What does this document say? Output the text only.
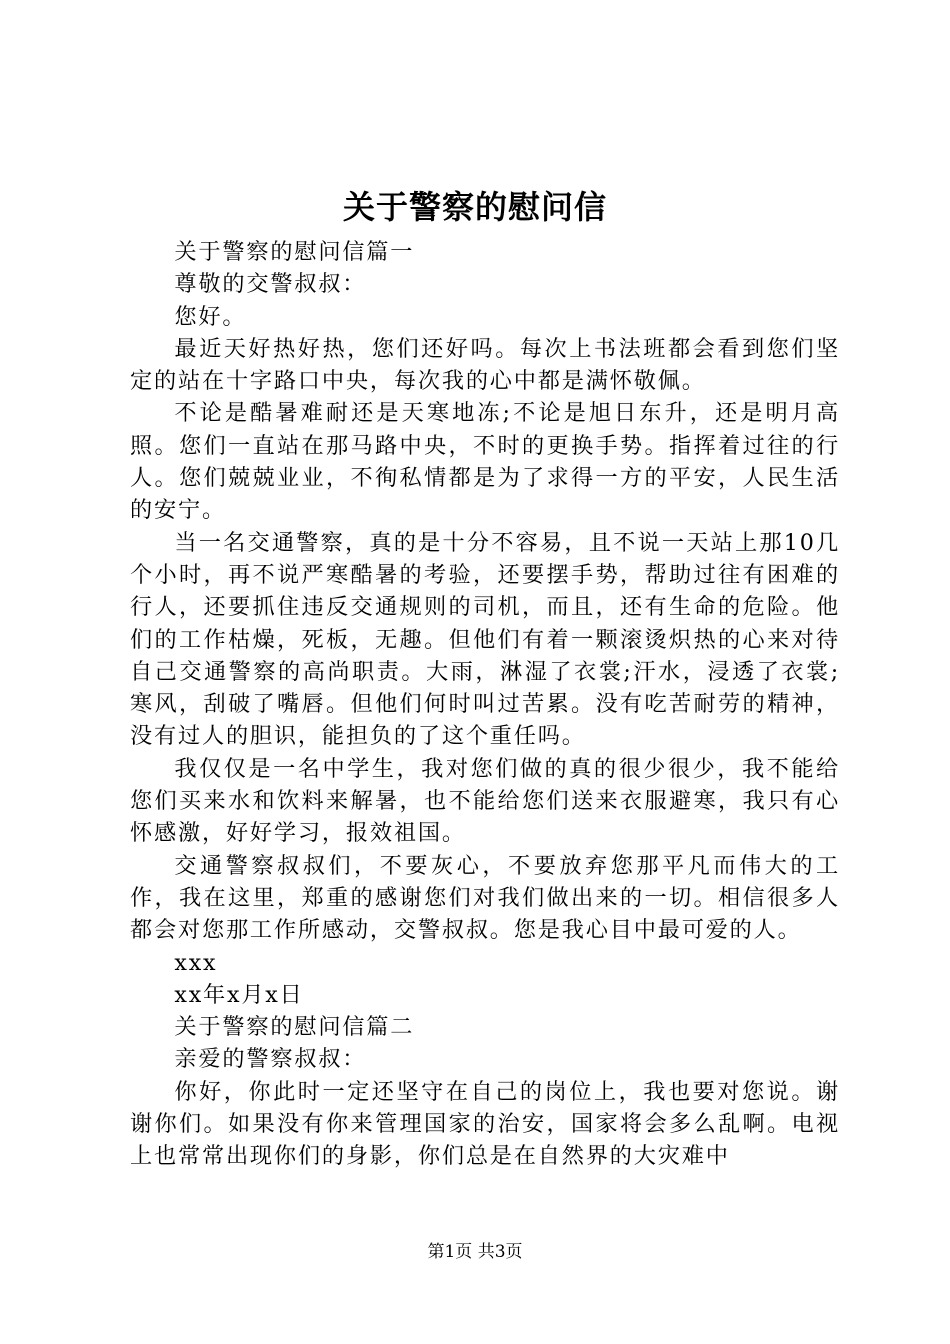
关于警察的慰问信

关于警察的慰问信篇一

尊敬的交警叔叔：

您好。

最近天好热好热，您们还好吗。每次上书法班都会看到您们坚定的站在十字路口中央，每次我的心中都是满怀敬佩。

不论是酷暑难耐还是天寒地冻;不论是旭日东升，还是明月高照。您们一直站在那马路中央，不时的更换手势。指挥着过往的行人。您们兢兢业业，不徇私情都是为了求得一方的平安，人民生活的安宁。

当一名交通警察，真的是十分不容易，且不说一天站上那10几个小时，再不说严寒酷暑的考验，还要摆手势，帮助过往有困难的行人，还要抓住违反交通规则的司机，而且，还有生命的危险。他们的工作枯燥，死板，无趣。但他们有着一颗滚烫炽热的心来对待自己交通警察的高尚职责。大雨，淋湿了衣裳;汗水，浸透了衣裳;寒风，刮破了嘴唇。但他们何时叫过苦累。没有吃苦耐劳的精神，没有过人的胆识，能担负的了这个重任吗。

我仅仅是一名中学生，我对您们做的真的很少很少，我不能给您们买来水和饮料来解暑，也不能给您们送来衣服避寒，我只有心怀感激，好好学习，报效祖国。

交通警察叔叔们，不要灰心，不要放弃您那平凡而伟大的工作，我在这里，郑重的感谢您们对我们做出来的一切。相信很多人都会对您那工作所感动，交警叔叔。您是我心目中最可爱的人。

xxx

xx年x月x日

关于警察的慰问信篇二

亲爱的警察叔叔：

你好，你此时一定还坚守在自己的岗位上，我也要对您说。谢谢你们。如果没有你来管理国家的治安，国家将会多么乱啊。电视上也常常出现你们的身影，你们总是在自然界的大灾难中

第1页 共3页
